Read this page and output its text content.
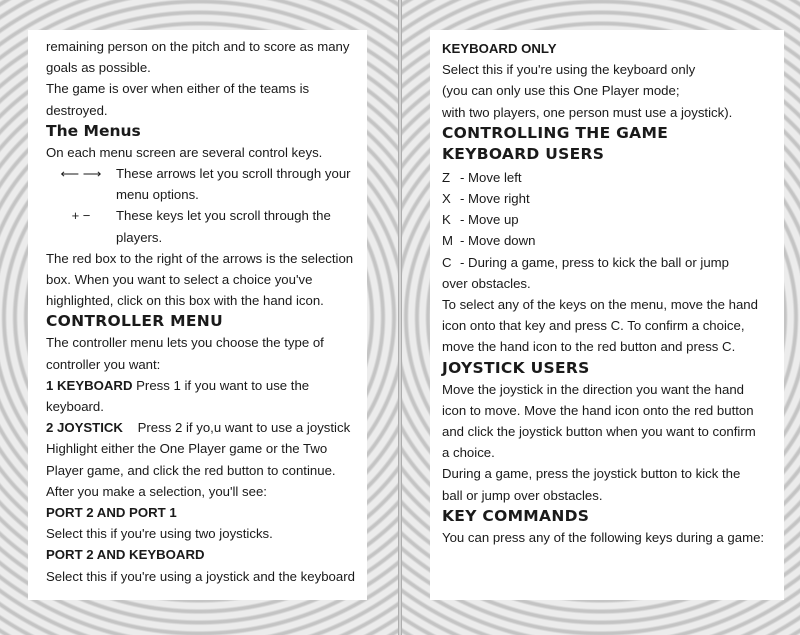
remaining person on the pitch and to score as many

goals as possible.

The game is over when either of the teams is

destroyed.

The Menus

On each menu screen are several control keys.

⟵ ⟶	These arrows let you scroll through your menu options.
+ −	These keys let you scroll through the players.

The red box to the right of the arrows is the selection

box. When you want to select a choice you've

highlighted, click on this box with the hand icon.

CONTROLLER MENU

The controller menu lets you choose the type of

controller you want:

1 KEYBOARD Press 1 if you want to use the

keyboard.

2 JOYSTICK    Press 2 if yo,u want to use a joystick

Highlight either the One Player game or the Two

Player game, and click the red button to continue.

After you make a selection, you'll see:

PORT 2 AND PORT 1

Select this if you're using two joysticks.

PORT 2 AND KEYBOARD

Select this if you're using a joystick and the keyboard

KEYBOARD ONLY

Select this if you're using the keyboard only

(you can only use this One Player mode;

with two players, one person must use a joystick).

CONTROLLING THE GAME

KEYBOARD USERS

Z - Move left
X - Move right
K - Move up
M - Move down
C - During a game, press to kick the ball or jump

over obstacles.

To select any of the keys on the menu, move the hand

icon onto that key and press C. To confirm a choice,

move the hand icon to the red button and press C.

JOYSTICK USERS

Move the joystick in the direction you want the hand

icon to move. Move the hand icon onto the red button

and click the joystick button when you want to confirm

a choice.

During a game, press the joystick button to kick the

ball or jump over obstacles.

KEY COMMANDS

You can press any of the following keys during a game:
